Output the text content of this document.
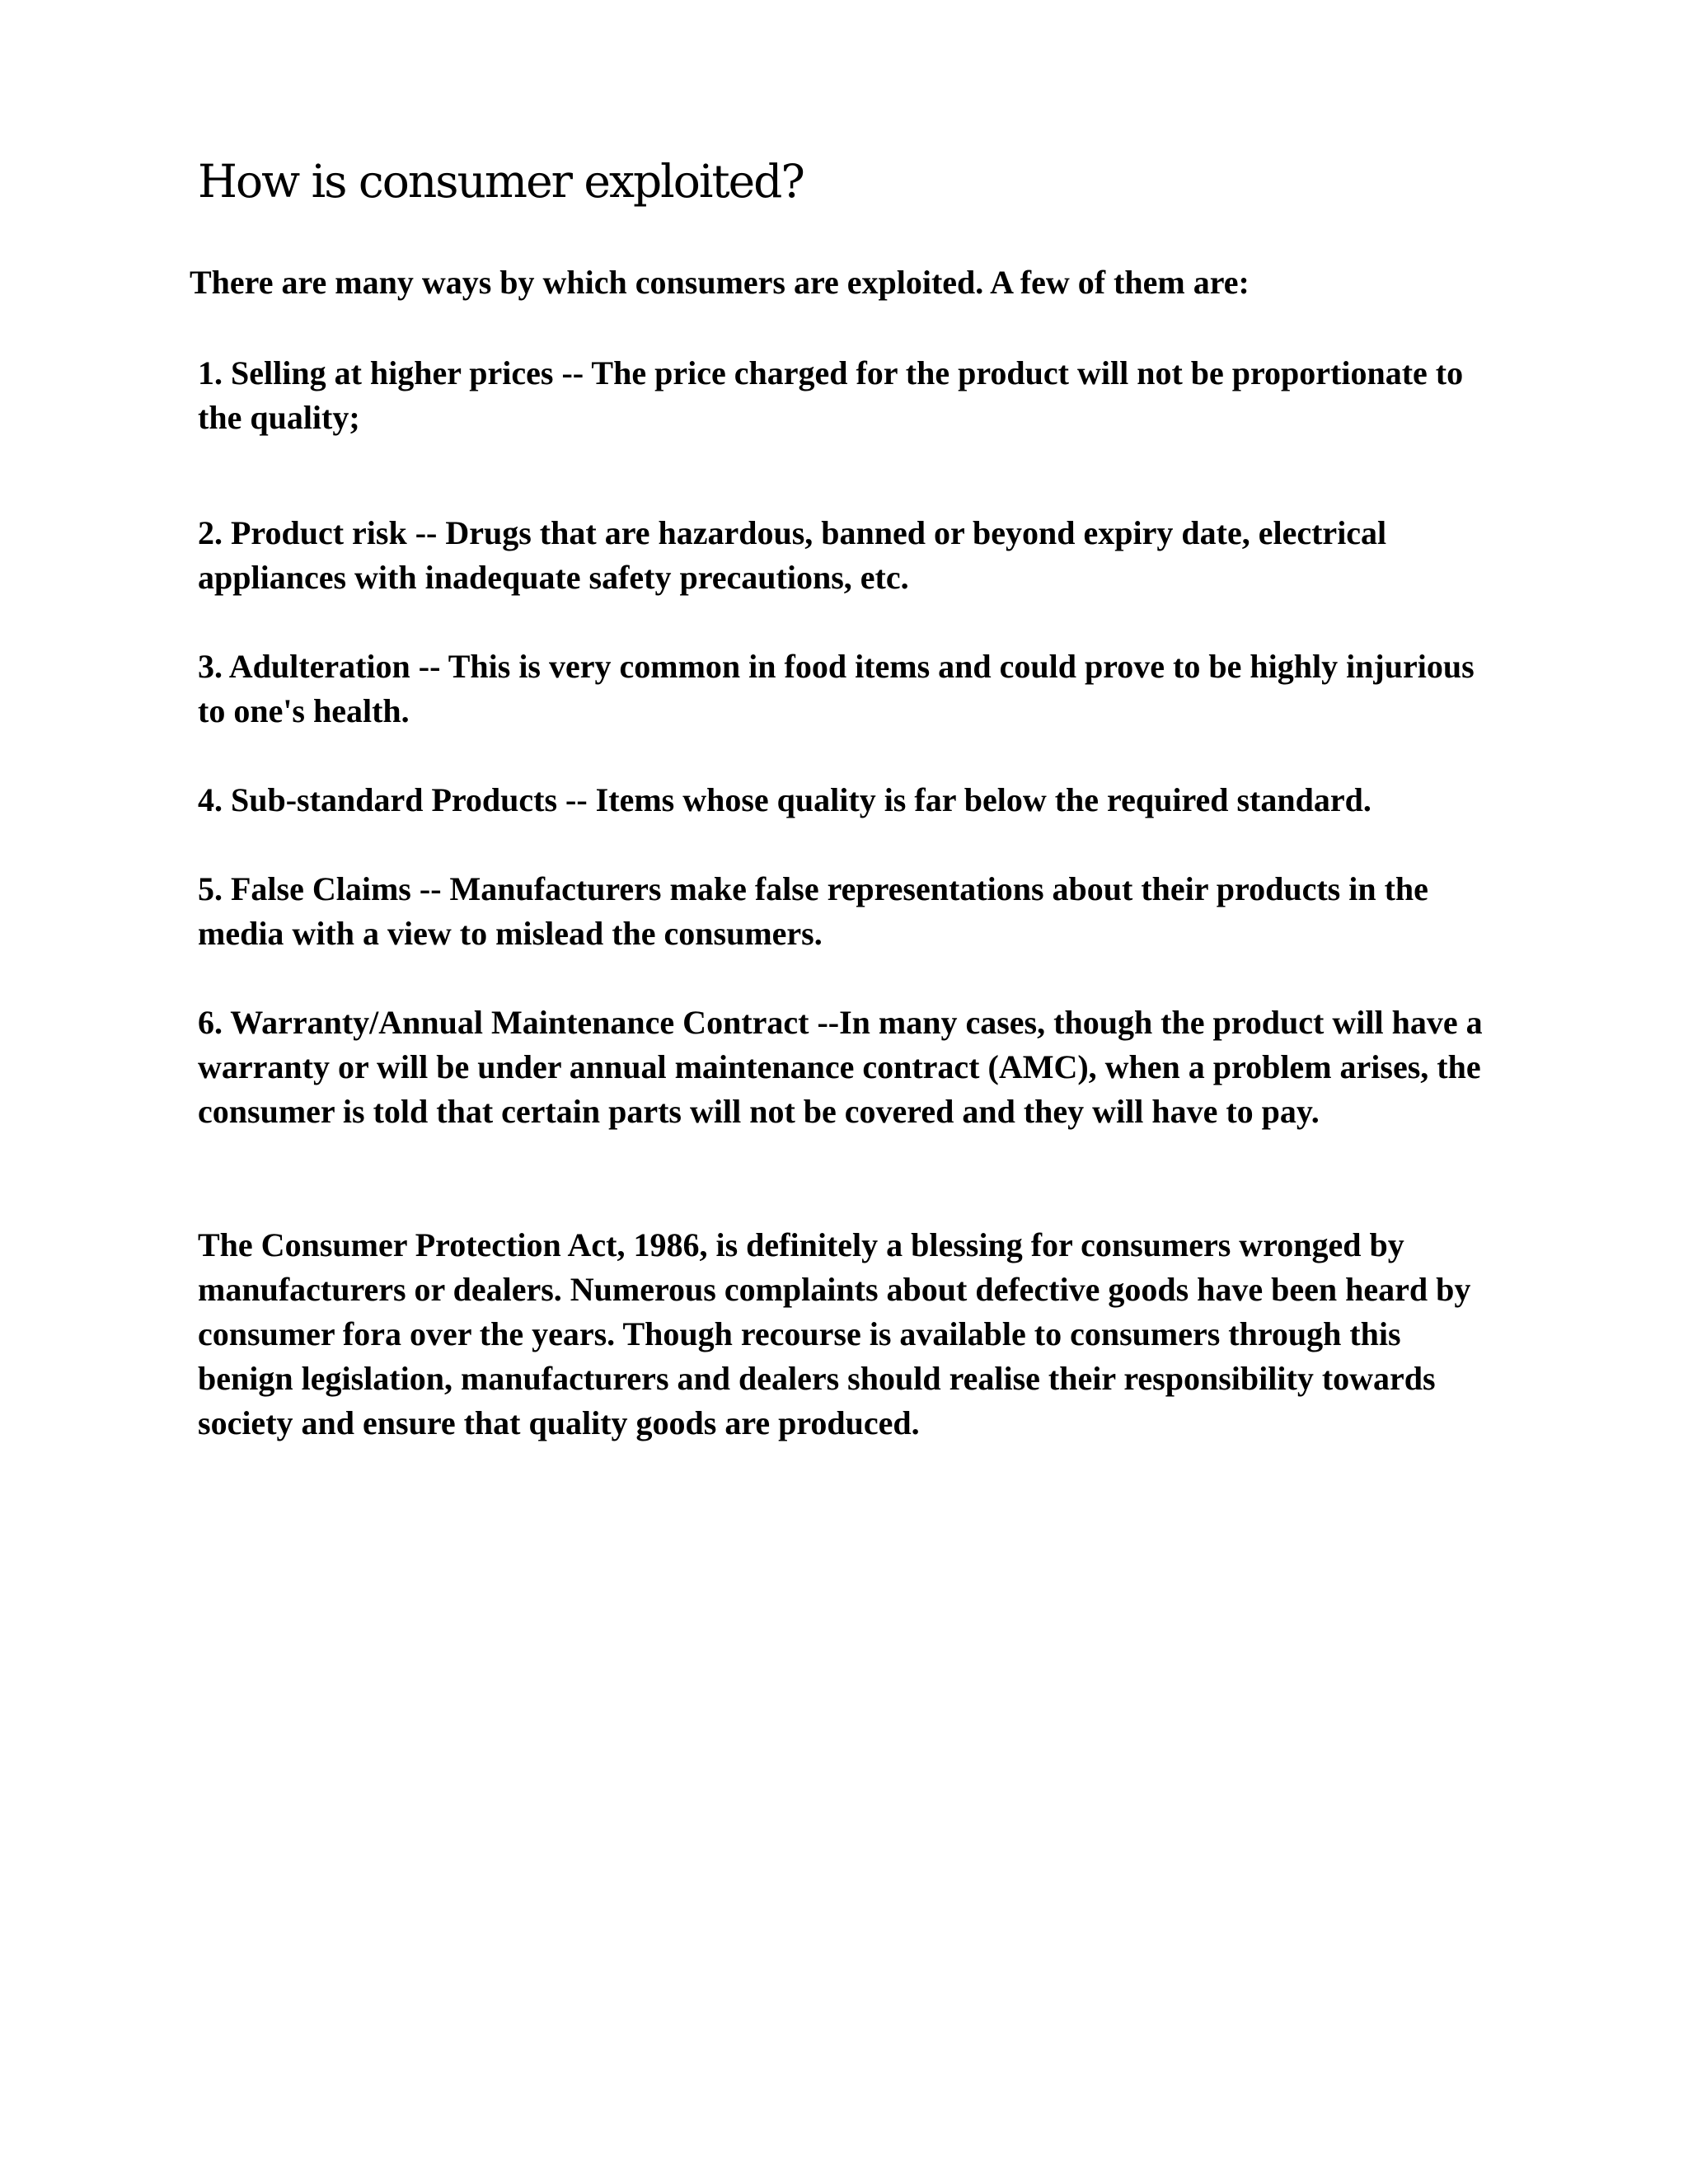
How is consumer exploited?
There are many ways by which consumers are exploited. A few of them are:
1. Selling at higher prices -- The price charged for the product will not be proportionate to the quality;
2. Product risk -- Drugs that are hazardous, banned or beyond expiry date, electrical appliances with inadequate safety precautions, etc.
3. Adulteration -- This is very common in food items and could prove to be highly injurious to one's health.
4. Sub-standard Products -- Items whose quality is far below the required standard.
5. False Claims -- Manufacturers make false representations about their products in the media with a view to mislead the consumers.
6. Warranty/Annual Maintenance Contract --In many cases, though the product will have a warranty or will be under annual maintenance contract (AMC), when a problem arises, the consumer is told that certain parts will not be covered and they will have to pay.
The Consumer Protection Act, 1986, is definitely a blessing for consumers wronged by manufacturers or dealers. Numerous complaints about defective goods have been heard by consumer fora over the years. Though recourse is available to consumers through this benign legislation, manufacturers and dealers should realise their responsibility towards society and ensure that quality goods are produced.
